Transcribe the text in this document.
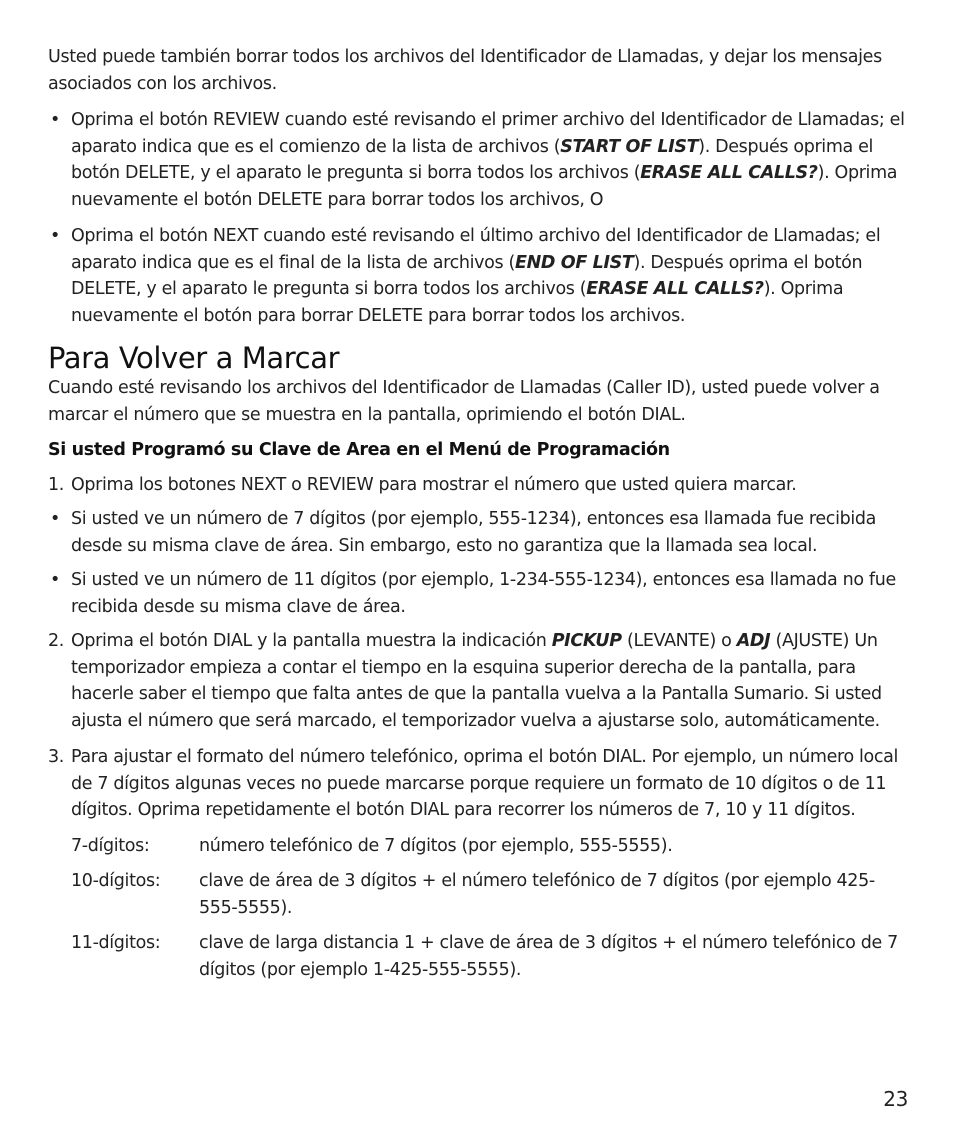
Usted puede también borrar todos los archivos del Identificador de Llamadas, y dejar los mensajes asociados con los archivos.

• Oprima el botón REVIEW cuando esté revisando el primer archivo del Identificador de Llamadas; el aparato indica que es el comienzo de la lista de archivos (START OF LIST). Después oprima el botón DELETE, y el aparato le pregunta si borra todos los archivos (ERASE ALL CALLS?). Oprima nuevamente el botón DELETE para borrar todos los archivos, O

• Oprima el botón NEXT cuando esté revisando el último archivo del Identificador de Llamadas; el aparato indica que es el final de la lista de archivos (END OF LIST). Después oprima el botón DELETE, y el aparato le pregunta si borra todos los archivos (ERASE ALL CALLS?). Oprima nuevamente el botón para borrar DELETE para borrar todos los archivos.

Para Volver a Marcar

Cuando esté revisando los archivos del Identificador de Llamadas (Caller ID), usted puede volver a marcar el número que se muestra en la pantalla, oprimiendo el botón DIAL.

Si usted Programó su Clave de Area en el Menú de Programación
1. Oprima los botones NEXT o REVIEW para mostrar el número que usted quiera marcar.

• Si usted ve un número de 7 dígitos (por ejemplo, 555-1234), entonces esa llamada fue recibida desde su misma clave de área. Sin embargo, esto no garantiza que la llamada sea local.

• Si usted ve un número de 11 dígitos (por ejemplo, 1-234-555-1234), entonces esa llamada no fue recibida desde su misma clave de área.

2. Oprima el botón DIAL y la pantalla muestra la indicación PICKUP (LEVANTE) o ADJ (AJUSTE) Un temporizador empieza a contar el tiempo en la esquina superior derecha de la pantalla, para hacerle saber el tiempo que falta antes de que la pantalla vuelva a la Pantalla Sumario. Si usted ajusta el número que será marcado, el temporizador vuelva a ajustarse solo, automáticamente.

3. Para ajustar el formato del número telefónico, oprima el botón DIAL. Por ejemplo, un número local de 7 dígitos algunas veces no puede marcarse porque requiere un formato de 10 dígitos o de 11 dígitos. Oprima repetidamente el botón DIAL para recorrer los números de 7, 10 y 11 dígitos.

7-dígitos:	número telefónico de 7 dígitos (por ejemplo, 555-5555).
10-dígitos:	clave de área de 3 dígitos + el número telefónico de 7 dígitos (por ejemplo 425-555-5555).
11-dígitos:	clave de larga distancia 1 + clave de área de 3 dígitos + el número telefónico de 7 dígitos (por ejemplo 1-425-555-5555).
23
